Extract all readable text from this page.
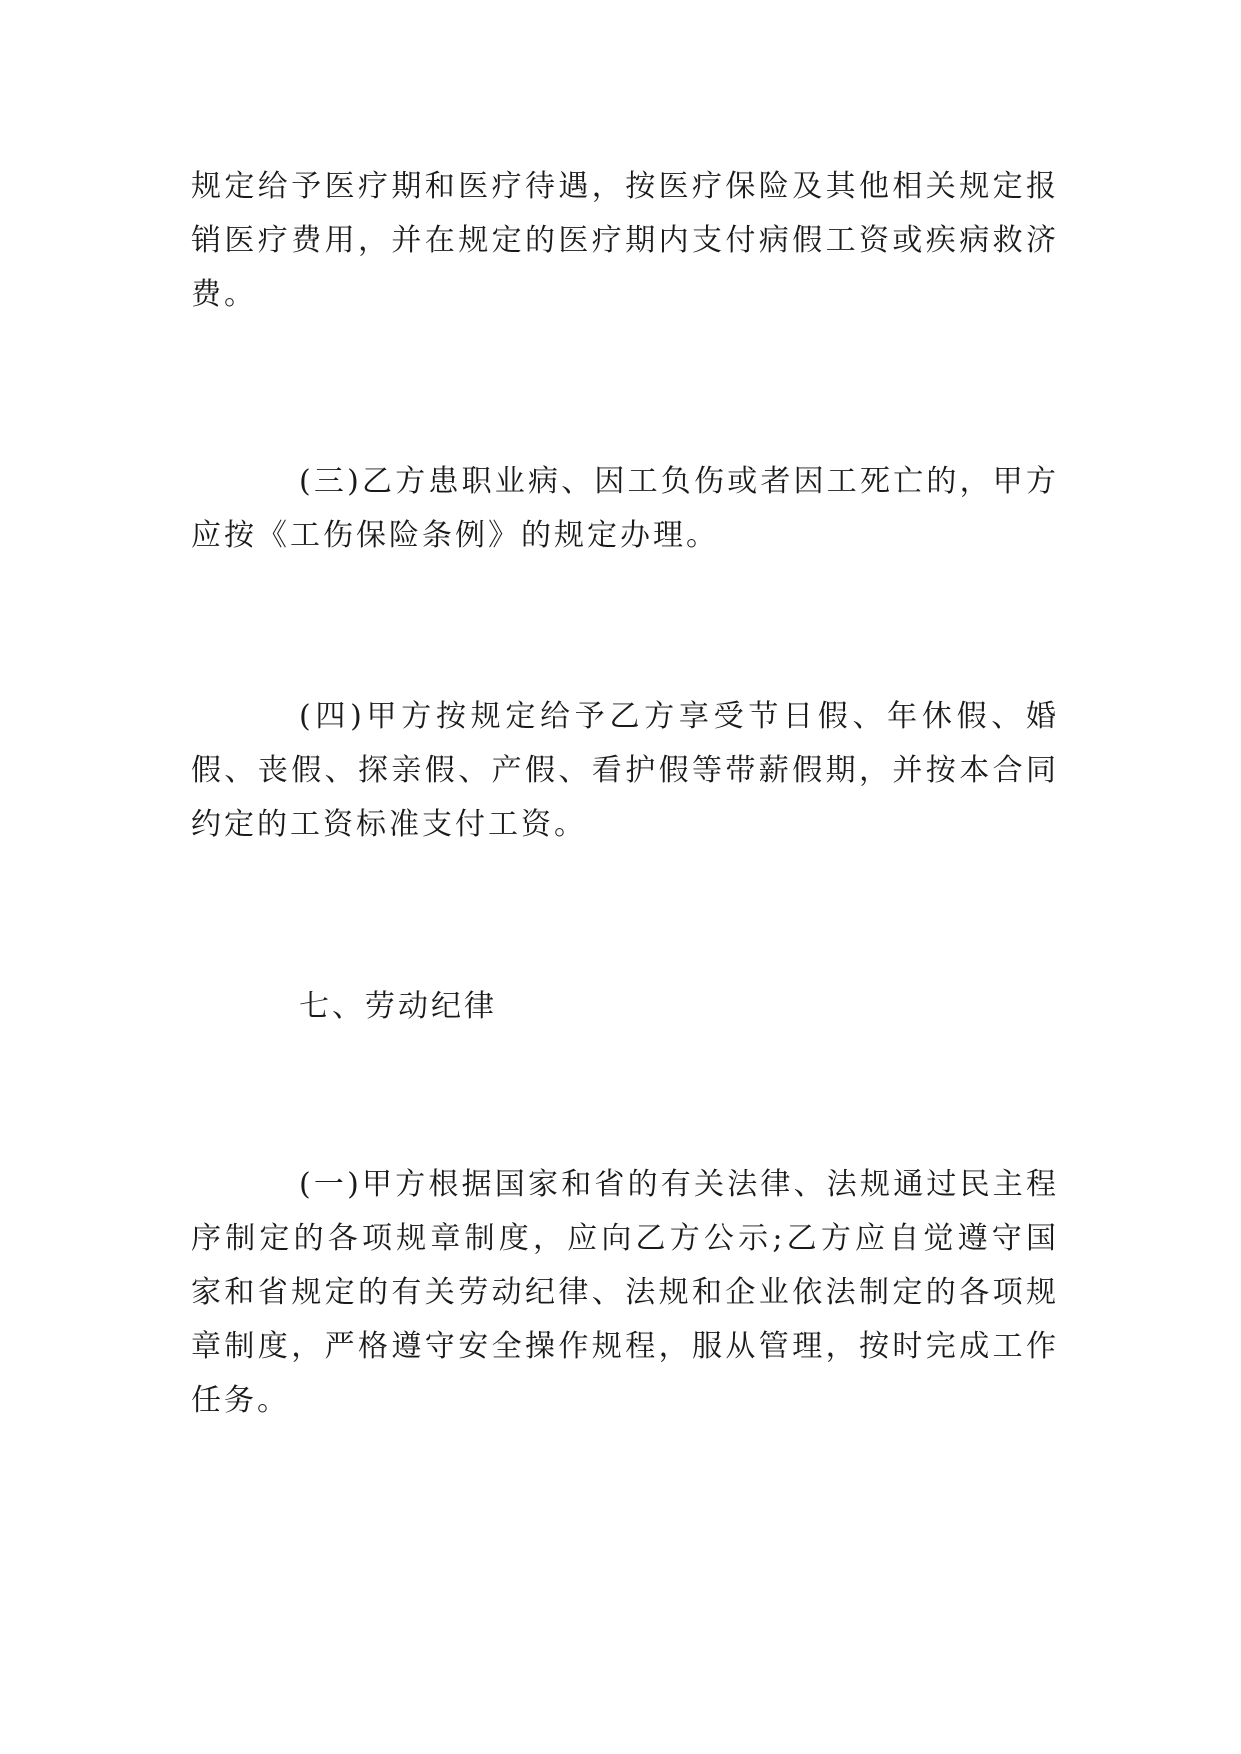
规定给予医疗期和医疗待遇，按医疗保险及其他相关规定报销医疗费用，并在规定的医疗期内支付病假工资或疾病救济费。

(三)乙方患职业病、因工负伤或者因工死亡的，甲方应按《工伤保险条例》的规定办理。

(四)甲方按规定给予乙方享受节日假、年休假、婚假、丧假、探亲假、产假、看护假等带薪假期，并按本合同约定的工资标准支付工资。

七、劳动纪律

(一)甲方根据国家和省的有关法律、法规通过民主程序制定的各项规章制度，应向乙方公示;乙方应自觉遵守国家和省规定的有关劳动纪律、法规和企业依法制定的各项规章制度，严格遵守安全操作规程，服从管理，按时完成工作任务。
